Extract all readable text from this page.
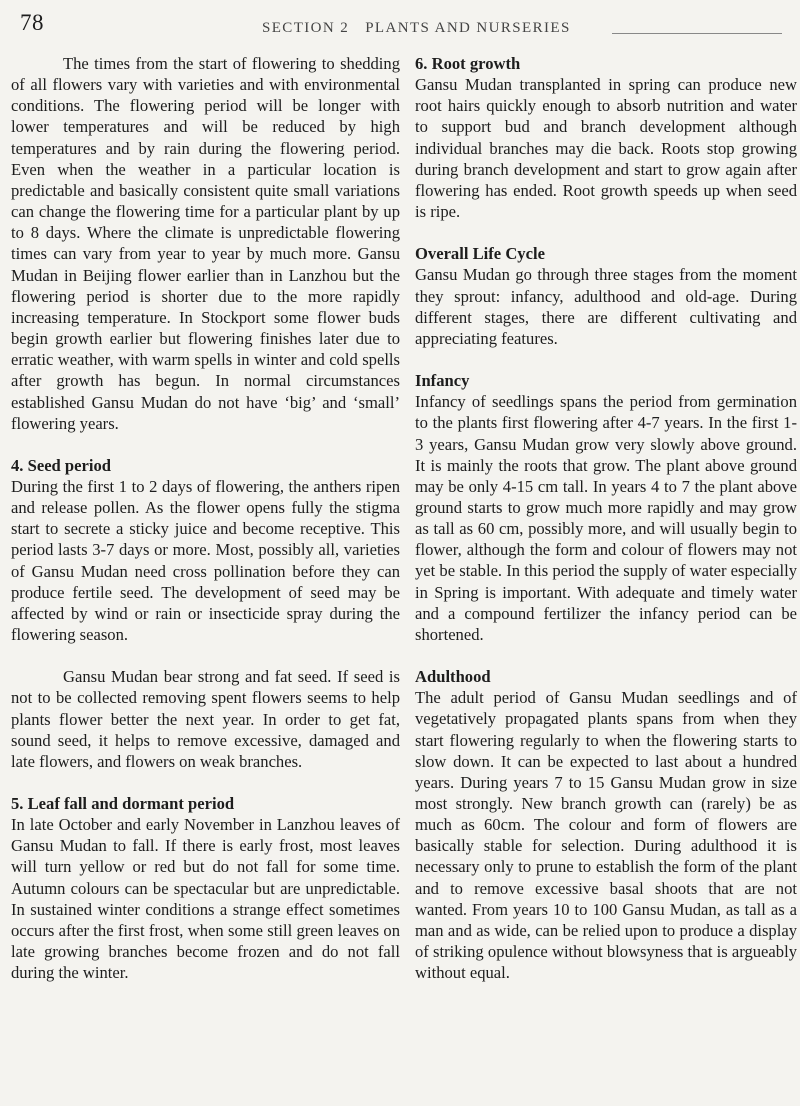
78	SECTION 2 PLANTS AND NURSERIES

The times from the start of flowering to shedding of all flowers vary with varieties and with environmental conditions. The flowering period will be longer with lower temperatures and will be reduced by high temperatures and by rain during the flowering period. Even when the weather in a particular location is predictable and basically consistent quite small variations can change the flowering time for a particular plant by up to 8 days. Where the climate is unpredictable flowering times can vary from year to year by much more. Gansu Mudan in Beijing flower earlier than in Lanzhou but the flowering period is shorter due to the more rapidly increasing temperature. In Stockport some flower buds begin growth earlier but flowering finishes later due to erratic weather, with warm spells in winter and cold spells after growth has begun. In normal circumstances established Gansu Mudan do not have ‘big’ and ‘small’ flowering years.

4. Seed period

During the first 1 to 2 days of flowering, the anthers ripen and release pollen. As the flower opens fully the stigma start to secrete a sticky juice and become receptive. This period lasts 3-7 days or more. Most, possibly all, varieties of Gansu Mudan need cross pollination before they can produce fertile seed. The development of seed may be affected by wind or rain or insecticide spray during the flowering season.

Gansu Mudan bear strong and fat seed. If seed is not to be collected removing spent flowers seems to help plants flower better the next year. In order to get fat, sound seed, it helps to remove excessive, damaged and late flowers, and flowers on weak branches.

5. Leaf fall and dormant period

In late October and early November in Lanzhou leaves of Gansu Mudan to fall. If there is early frost, most leaves will turn yellow or red but do not fall for some time. Autumn colours can be spectacular but are unpredictable. In sustained winter conditions a strange effect sometimes occurs after the first frost, when some still green leaves on late growing branches become frozen and do not fall during the winter.

6. Root growth

Gansu Mudan transplanted in spring can produce new root hairs quickly enough to absorb nutrition and water to support bud and branch development although individual branches may die back. Roots stop growing during branch development and start to grow again after flowering has ended. Root growth speeds up when seed is ripe.

Overall Life Cycle

Gansu Mudan go through three stages from the moment they sprout: infancy, adulthood and old-age. During different stages, there are different cultivating and appreciating features.

Infancy

Infancy of seedlings spans the period from germination to the plants first flowering after 4-7 years. In the first 1-3 years, Gansu Mudan grow very slowly above ground. It is mainly the roots that grow. The plant above ground may be only 4-15 cm tall. In years 4 to 7 the plant above ground starts to grow much more rapidly and may grow as tall as 60 cm, possibly more, and will usually begin to flower, although the form and colour of flowers may not yet be stable. In this period the supply of water especially in Spring is important. With adequate and timely water and a compound fertilizer the infancy period can be shortened.

Adulthood

The adult period of Gansu Mudan seedlings and of vegetatively propagated plants spans from when they start flowering regularly to when the flowering starts to slow down. It can be expected to last about a hundred years. During years 7 to 15 Gansu Mudan grow in size most strongly. New branch growth can (rarely) be as much as 60cm. The colour and form of flowers are basically stable for selection. During adulthood it is necessary only to prune to establish the form of the plant and to remove excessive basal shoots that are not wanted. From years 10 to 100 Gansu Mudan, as tall as a man and as wide, can be relied upon to produce a display of striking opulence without blowsyness that is argueably without equal.
